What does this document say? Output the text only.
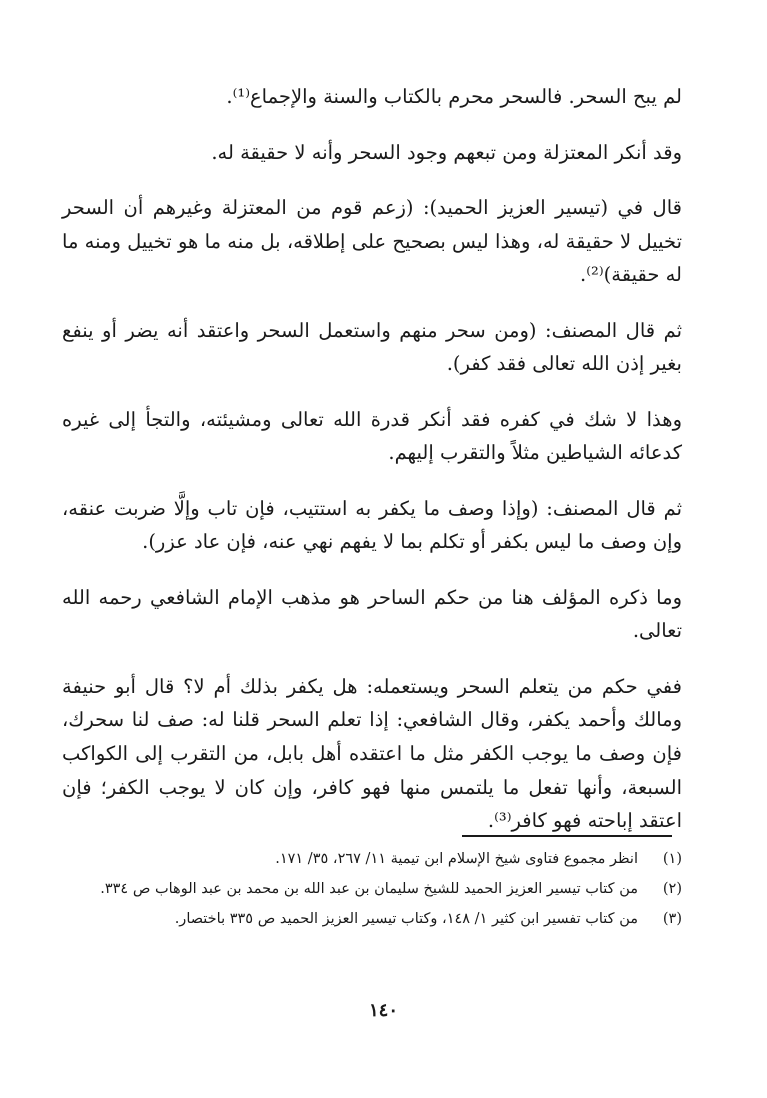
لم يبح السحر. فالسحر محرم بالكتاب والسنة والإجماع⁽¹⁾.

وقد أنكر المعتزلة ومن تبعهم وجود السحر وأنه لا حقيقة له.

قال في (تيسير العزيز الحميد): (زعم قوم من المعتزلة وغيرهم أن السحر تخييل لا حقيقة له، وهذا ليس بصحيح على إطلاقه، بل منه ما هو تخييل ومنه ما له حقيقة)⁽²⁾.

ثم قال المصنف: (ومن سحر منهم واستعمل السحر واعتقد أنه يضر أو ينفع بغير إذن الله تعالى فقد كفر).

وهذا لا شك في كفره فقد أنكر قدرة الله تعالى ومشيئته، والتجأ إلى غيره كدعائه الشياطين مثلاً والتقرب إليهم.

ثم قال المصنف: (وإذا وصف ما يكفر به استتيب، فإن تاب وإلَّا ضربت عنقه، وإن وصف ما ليس بكفر أو تكلم بما لا يفهم نهي عنه، فإن عاد عزر).

وما ذكره المؤلف هنا من حكم الساحر هو مذهب الإمام الشافعي رحمه الله تعالى.

ففي حكم من يتعلم السحر ويستعمله: هل يكفر بذلك أم لا؟ قال أبو حنيفة ومالك وأحمد يكفر، وقال الشافعي: إذا تعلم السحر قلنا له: صف لنا سحرك، فإن وصف ما يوجب الكفر مثل ما اعتقده أهل بابل، من التقرب إلى الكواكب السبعة، وأنها تفعل ما يلتمس منها فهو كافر، وإن كان لا يوجب الكفر؛ فإن اعتقد إباحته فهو كافر⁽³⁾.

(١)
انظر مجموع فتاوى شيخ الإسلام ابن تيمية ١١/ ٢٦٧، ٣٥/ ١٧١.
(٢)
من كتاب تيسير العزيز الحميد للشيخ سليمان بن عبد الله بن محمد بن عبد الوهاب ص ٣٣٤.
(٣)
من كتاب تفسير ابن كثير ١/ ١٤٨، وكتاب تيسير العزيز الحميد ص ٣٣٥ باختصار.
١٤٠
